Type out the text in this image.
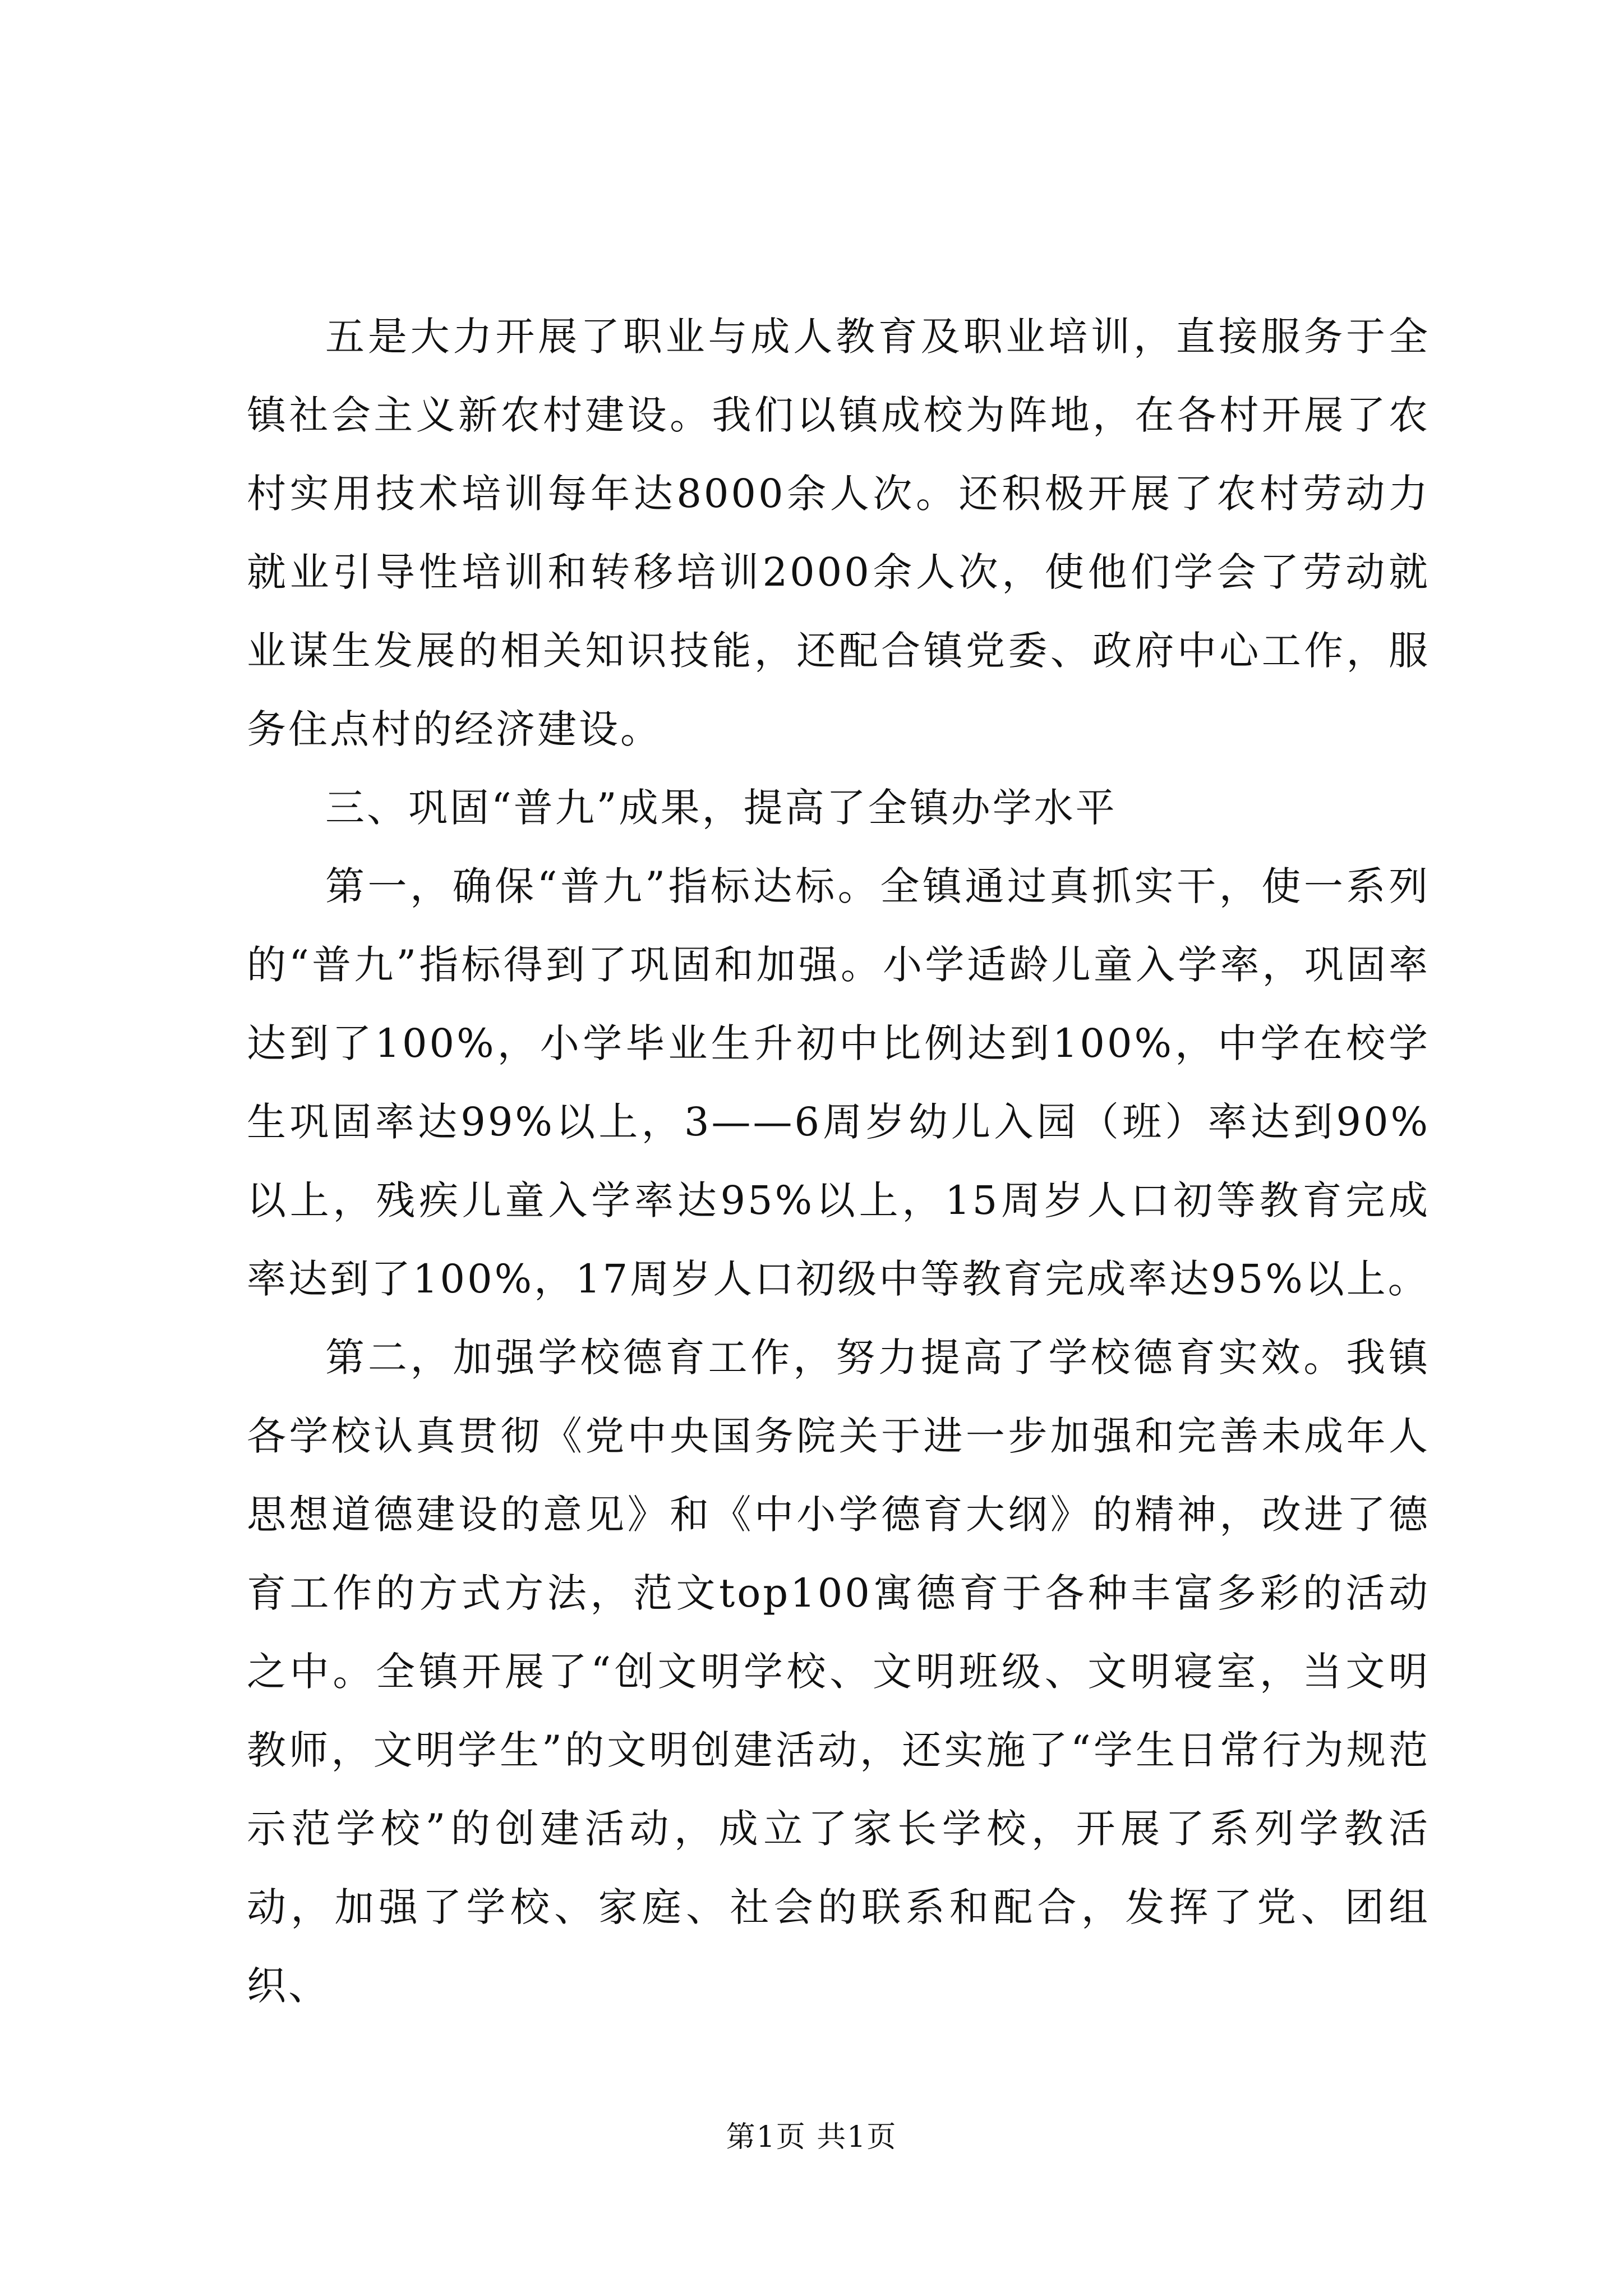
五是大力开展了职业与成人教育及职业培训，直接服务于全镇社会主义新农村建设。我们以镇成校为阵地，在各村开展了农村实用技术培训每年达8000余人次。还积极开展了农村劳动力就业引导性培训和转移培训2000余人次，使他们学会了劳动就业谋生发展的相关知识技能，还配合镇党委、政府中心工作，服务住点村的经济建设。

三、巩固“普九”成果，提高了全镇办学水平

第一，确保“普九”指标达标。全镇通过真抓实干，使一系列的“普九”指标得到了巩固和加强。小学适龄儿童入学率，巩固率达到了100%，小学毕业生升初中比例达到100%，中学在校学生巩固率达99%以上，3——6周岁幼儿入园（班）率达到90%以上，残疾儿童入学率达95%以上，15周岁人口初等教育完成率达到了100%，17周岁人口初级中等教育完成率达95%以上。

第二，加强学校德育工作，努力提高了学校德育实效。我镇各学校认真贯彻《党中央国务院关于进一步加强和完善未成年人思想道德建设的意见》和《中小学德育大纲》的精神，改进了德育工作的方式方法，范文top100寓德育于各种丰富多彩的活动之中。全镇开展了“创文明学校、文明班级、文明寝室，当文明教师，文明学生”的文明创建活动，还实施了“学生日常行为规范示范学校”的创建活动，成立了家长学校，开展了系列学教活动，加强了学校、家庭、社会的联系和配合，发挥了党、团组织、

第1页 共1页
